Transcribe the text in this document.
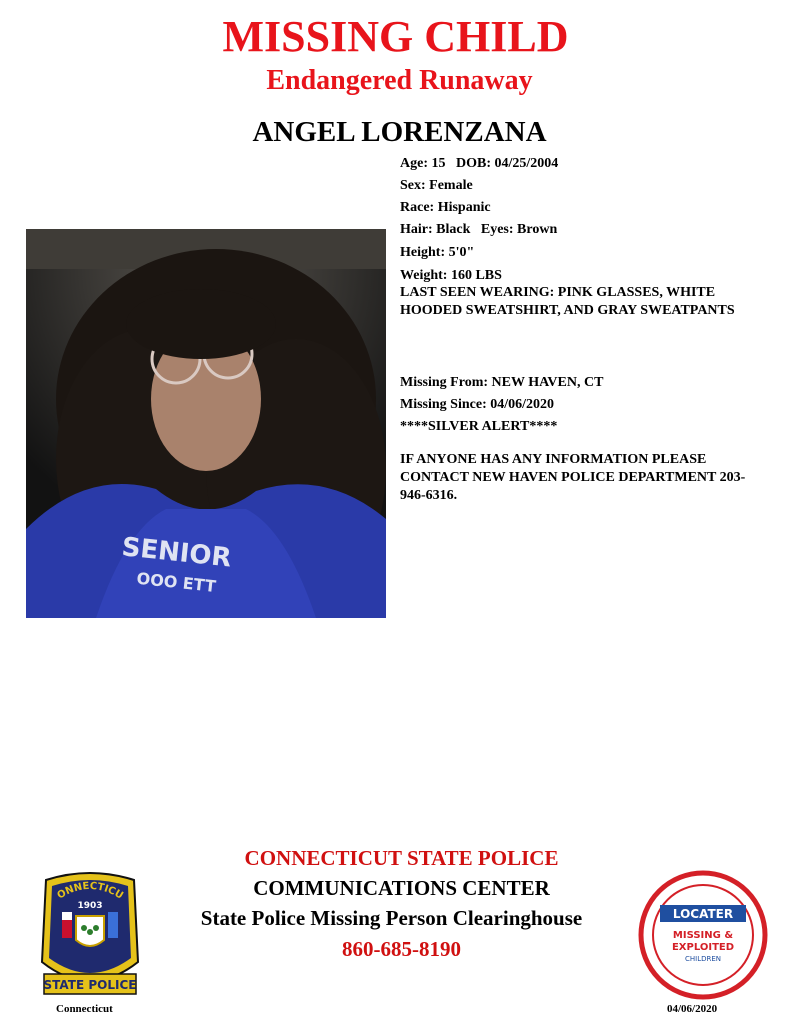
MISSING CHILD
Endangered Runaway
ANGEL LORENZANA
SENIOR
OOO ETT
Age: 15   DOB: 04/25/2004
Sex: Female
Race: Hispanic
Hair: Black   Eyes: Brown
Height: 5'0"
Weight: 160 LBS
LAST SEEN WEARING: PINK GLASSES, WHITE HOODED SWEATSHIRT, AND GRAY SWEATPANTS
Missing From: NEW HAVEN, CT
Missing Since: 04/06/2020
****SILVER ALERT****
IF ANYONE HAS ANY INFORMATION PLEASE CONTACT NEW HAVEN POLICE DEPARTMENT 203-946-6316.
CONNECTICUT STATE POLICE
COMMUNICATIONS CENTER
State Police Missing Person Clearinghouse
860-685-8190
ONNECTICU
1903
STATE POLICE
LOCATER
MISSING &
EXPLOITED
CHILDREN
Connecticut	04/06/2020
